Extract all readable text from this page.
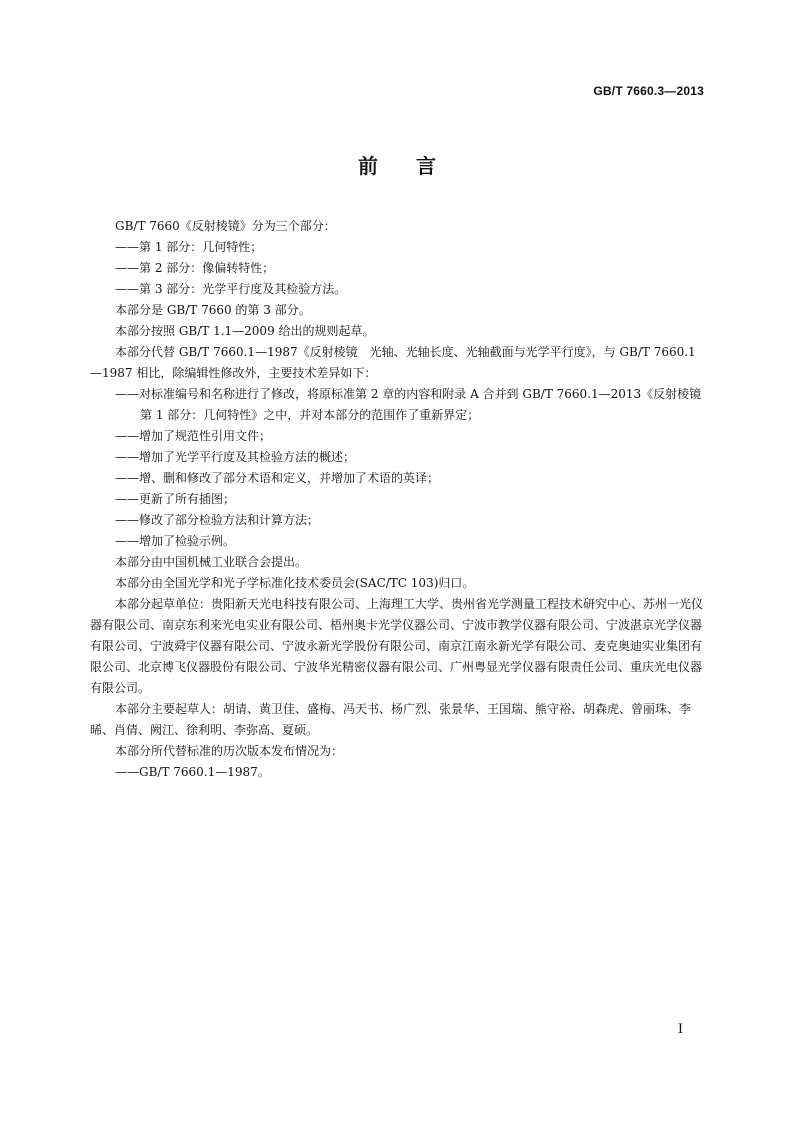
GB/T 7660.3—2013
前言

GB/T 7660《反射棱镜》分为三个部分：

——第 1 部分：几何特性；

——第 2 部分：像偏转特性；

——第 3 部分：光学平行度及其检验方法。

本部分是 GB/T 7660 的第 3 部分。

本部分按照 GB/T 1.1—2009 给出的规则起草。

本部分代替 GB/T 7660.1—1987《反射棱镜　光轴、光轴长度、光轴截面与光学平行度》，与 GB/T 7660.1—1987 相比，除编辑性修改外，主要技术差异如下：

——对标准编号和名称进行了修改，将原标准第 2 章的内容和附录 A 合并到 GB/T 7660.1—2013《反射棱镜　第 1 部分：几何特性》之中，并对本部分的范围作了重新界定；

——增加了规范性引用文件；

——增加了光学平行度及其检验方法的概述；

——增、删和修改了部分术语和定义，并增加了术语的英译；

——更新了所有插图；

——修改了部分检验方法和计算方法；

——增加了检验示例。

本部分由中国机械工业联合会提出。

本部分由全国光学和光子学标准化技术委员会(SAC/TC 103)归口。

本部分起草单位：贵阳新天光电科技有限公司、上海理工大学、贵州省光学测量工程技术研究中心、苏州一光仪器有限公司、南京东利来光电实业有限公司、梧州奥卡光学仪器公司、宁波市教学仪器有限公司、宁波湛京光学仪器有限公司、宁波舜宇仪器有限公司、宁波永新光学股份有限公司、南京江南永新光学有限公司、麦克奥迪实业集团有限公司、北京博飞仪器股份有限公司、宁波华光精密仪器有限公司、广州粤显光学仪器有限责任公司、重庆光电仪器有限公司。

本部分主要起草人：胡请、黄卫佳、盛梅、冯天书、杨广烈、张景华、王国瑞、熊守裕、胡森虎、曾丽珠、李晞、肖倩、阙江、徐利明、李弥高、夏硕。

本部分所代替标准的历次版本发布情况为：

——GB/T 7660.1—1987。

I
